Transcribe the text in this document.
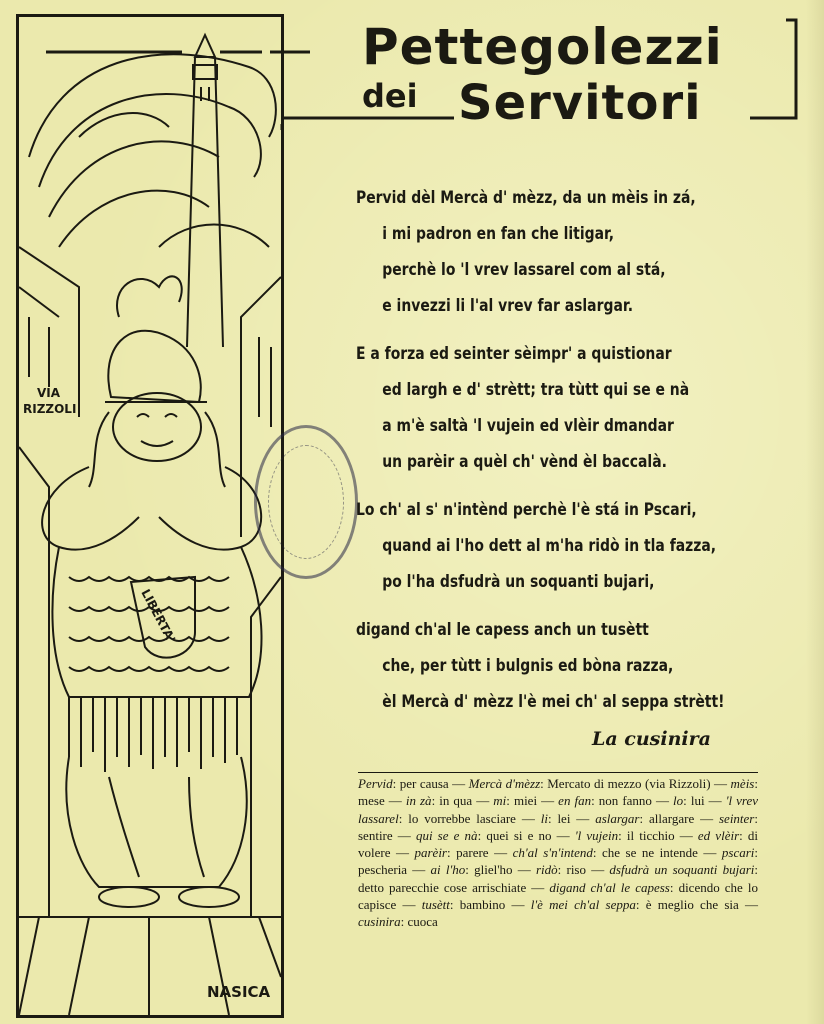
VIA
RIZZOLI
LIBERTA'
NASICA
Pettegolezzi
dei Servitori
Pervid dèl Mercà d' mèzz, da un mèis in zá,
i mi padron en fan che litigar,
perchè lo 'l vrev lassarel com al stá,
e invezzi li l'al vrev far aslargar.
E a forza ed seinter sèimpr' a quistionar
ed largh e d' strètt; tra tùtt qui se e nà
a m'è saltà 'l vujein ed vlèir dmandar
un parèir a quèl ch' vènd èl baccalà.
Lo ch' al s' n'intènd perchè l'è stá in Pscari,
quand ai l'ho dett al m'ha ridò in tla fazza,
po l'ha dsfudrà un soquanti bujari,
digand ch'al le capess anch un tusètt
che, per tùtt i bulgnis ed bòna razza,
èl Mercà d' mèzz l'è mei ch' al seppa strètt!
La cusinira
Pervid: per causa — Mercà d'mèzz: Mercato di mezzo (via Rizzoli) — mèis: mese — in zà: in qua — mi: miei — en fan: non fanno — lo: lui — 'l vrev lassarel: lo vorrebbe lasciare — li: lei — aslargar: allargare — seinter: sentire — qui se e nà: quei si e no — 'l vujein: il ticchio — ed vlèir: di volere — parèir: parere — ch'al s'n'intend: che se ne intende — pscari: pescheria — ai l'ho: gliel'ho — ridò: riso — dsfudrà un soquanti bujari: detto parecchie cose arrischiate — digand ch'al le capess: dicendo che lo capisce — tusètt: bambino — l'è mei ch'al seppa: è meglio che sia — cusinira: cuoca
